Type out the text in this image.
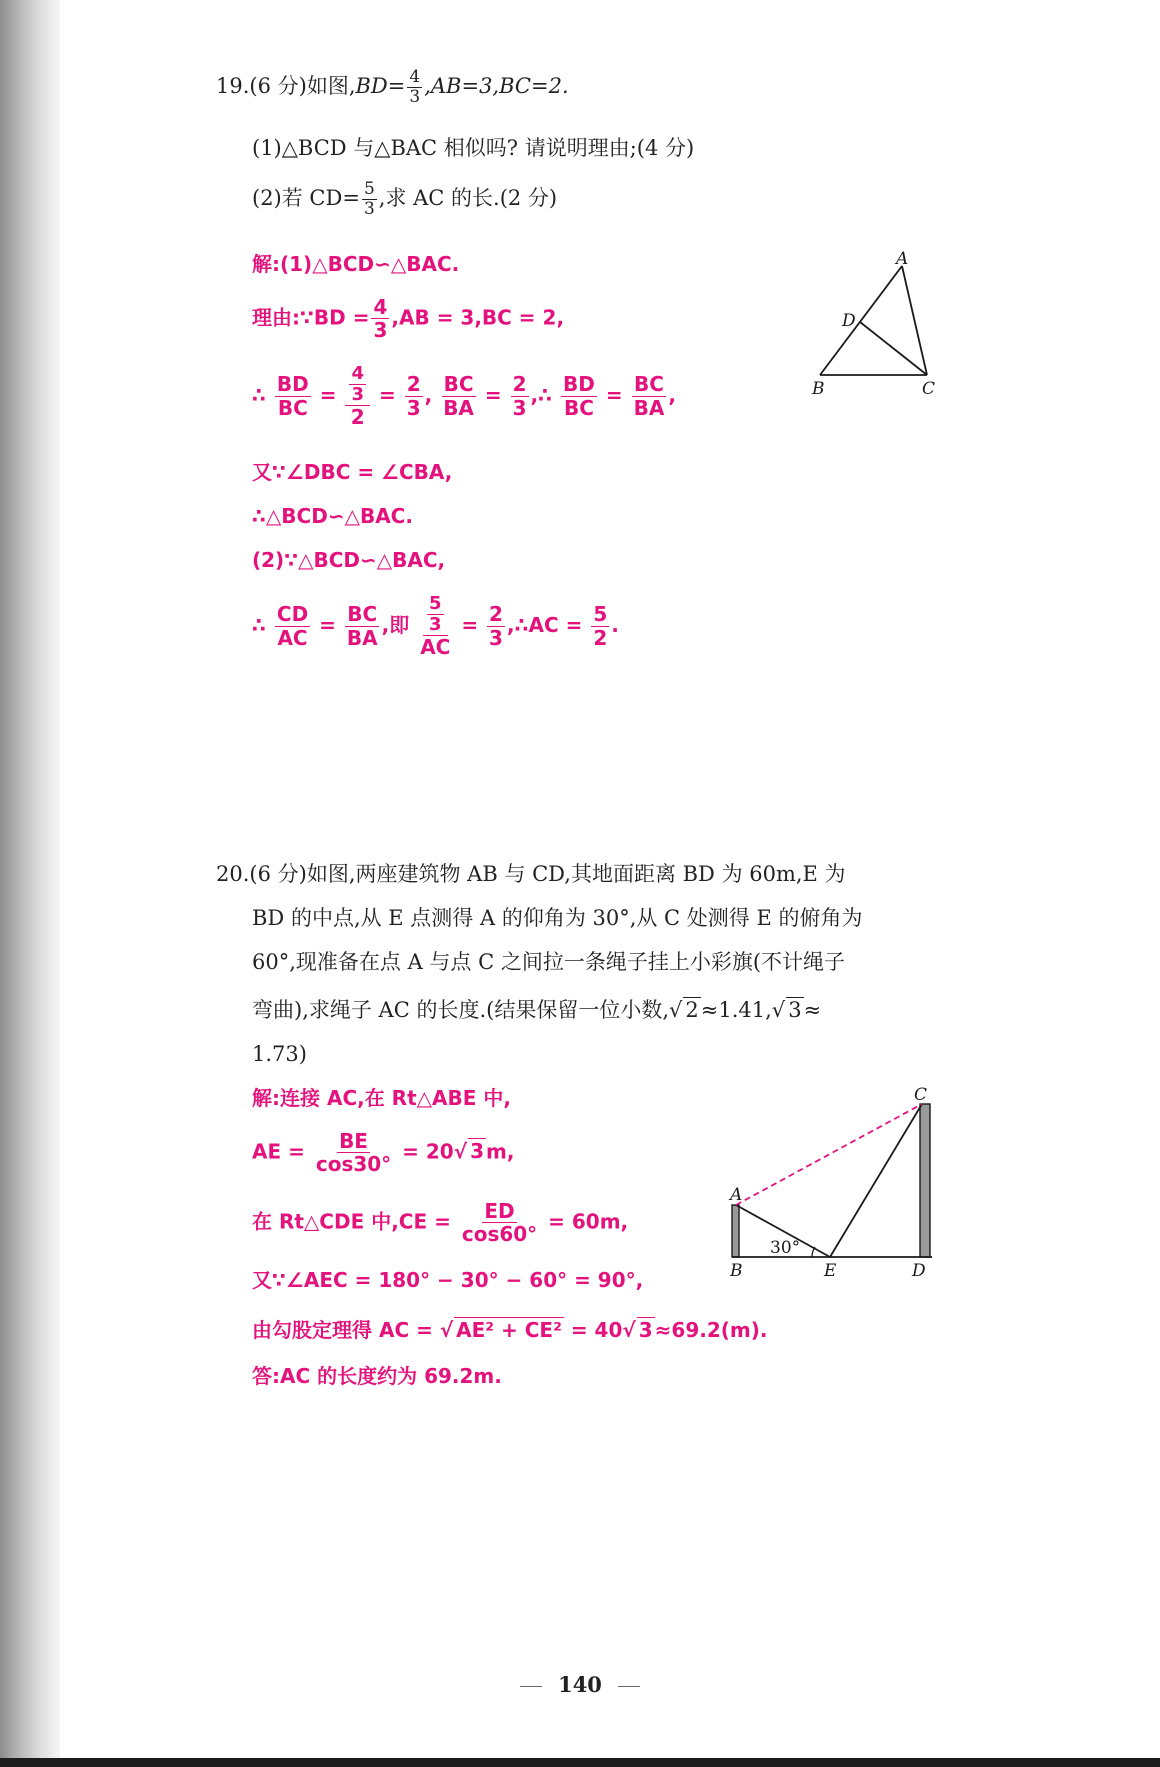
19.(6 分)如图$,BD= \frac{4}{3} ,AB=3,BC=2$.
(1)△BCD 与△BAC 相似吗? 请说明理由;(4 分)
(2)若 $CD= \frac{5}{3}$ ,求 AC 的长.(2 分)
解:(1)△BCD∽△BAC.
理由:∵BD = $\frac{4}{3} ,AB = 3,BC = 2$,
∴ $\frac{BD}{BC} = \frac{\frac{4}{3}}{2} = \frac{2}{3}$ , $\frac{BC}{BA} = \frac{2}{3}$ ,∴ $\frac{BD}{BC} = \frac{BC}{BA}$ ,
又∵∠DBC = ∠CBA,
∴△BCD∽△BAC.
(2)∵△BCD∽△BAC,
∴ $\frac{CD}{AC} = \frac{BC}{BA}$ ,即 $\frac{\frac{5}{3}}{AC} = \frac{2}{3}$ ,∴AC = $\frac{5}{2}$ .
A
D
B	C
20.(6 分)如图,两座建筑物 AB 与 CD,其地面距离 BD 为 60m,E 为
BD 的中点,从 E 点测得 A 的仰角为 30°,从 C 处测得 E 的俯角为
60°,现准备在点 A 与点 C 之间拉一条绳子挂上小彩旗(不计绳子
弯曲),求绳子 AC 的长度.(结果保留一位小数,√ 2≈1.41,√ 3≈
1.73)
解:连接 AC,在 Rt△ABE 中,
AE = $\frac{BE}{\cos 30^\circ} = 20√$ 3 m,
在 Rt△CDE 中$,CE = \frac{ED}{\cos 60^\circ} = 60m$,
又∵∠AEC = 180° − 30° − 60° = 90°,
由勾股定理得 AC = √ AE² + CE² = 40√ 3 ≈69.2(m).
答:AC 的长度约为 69.2m.
A
B
C
D
E
30°
140
